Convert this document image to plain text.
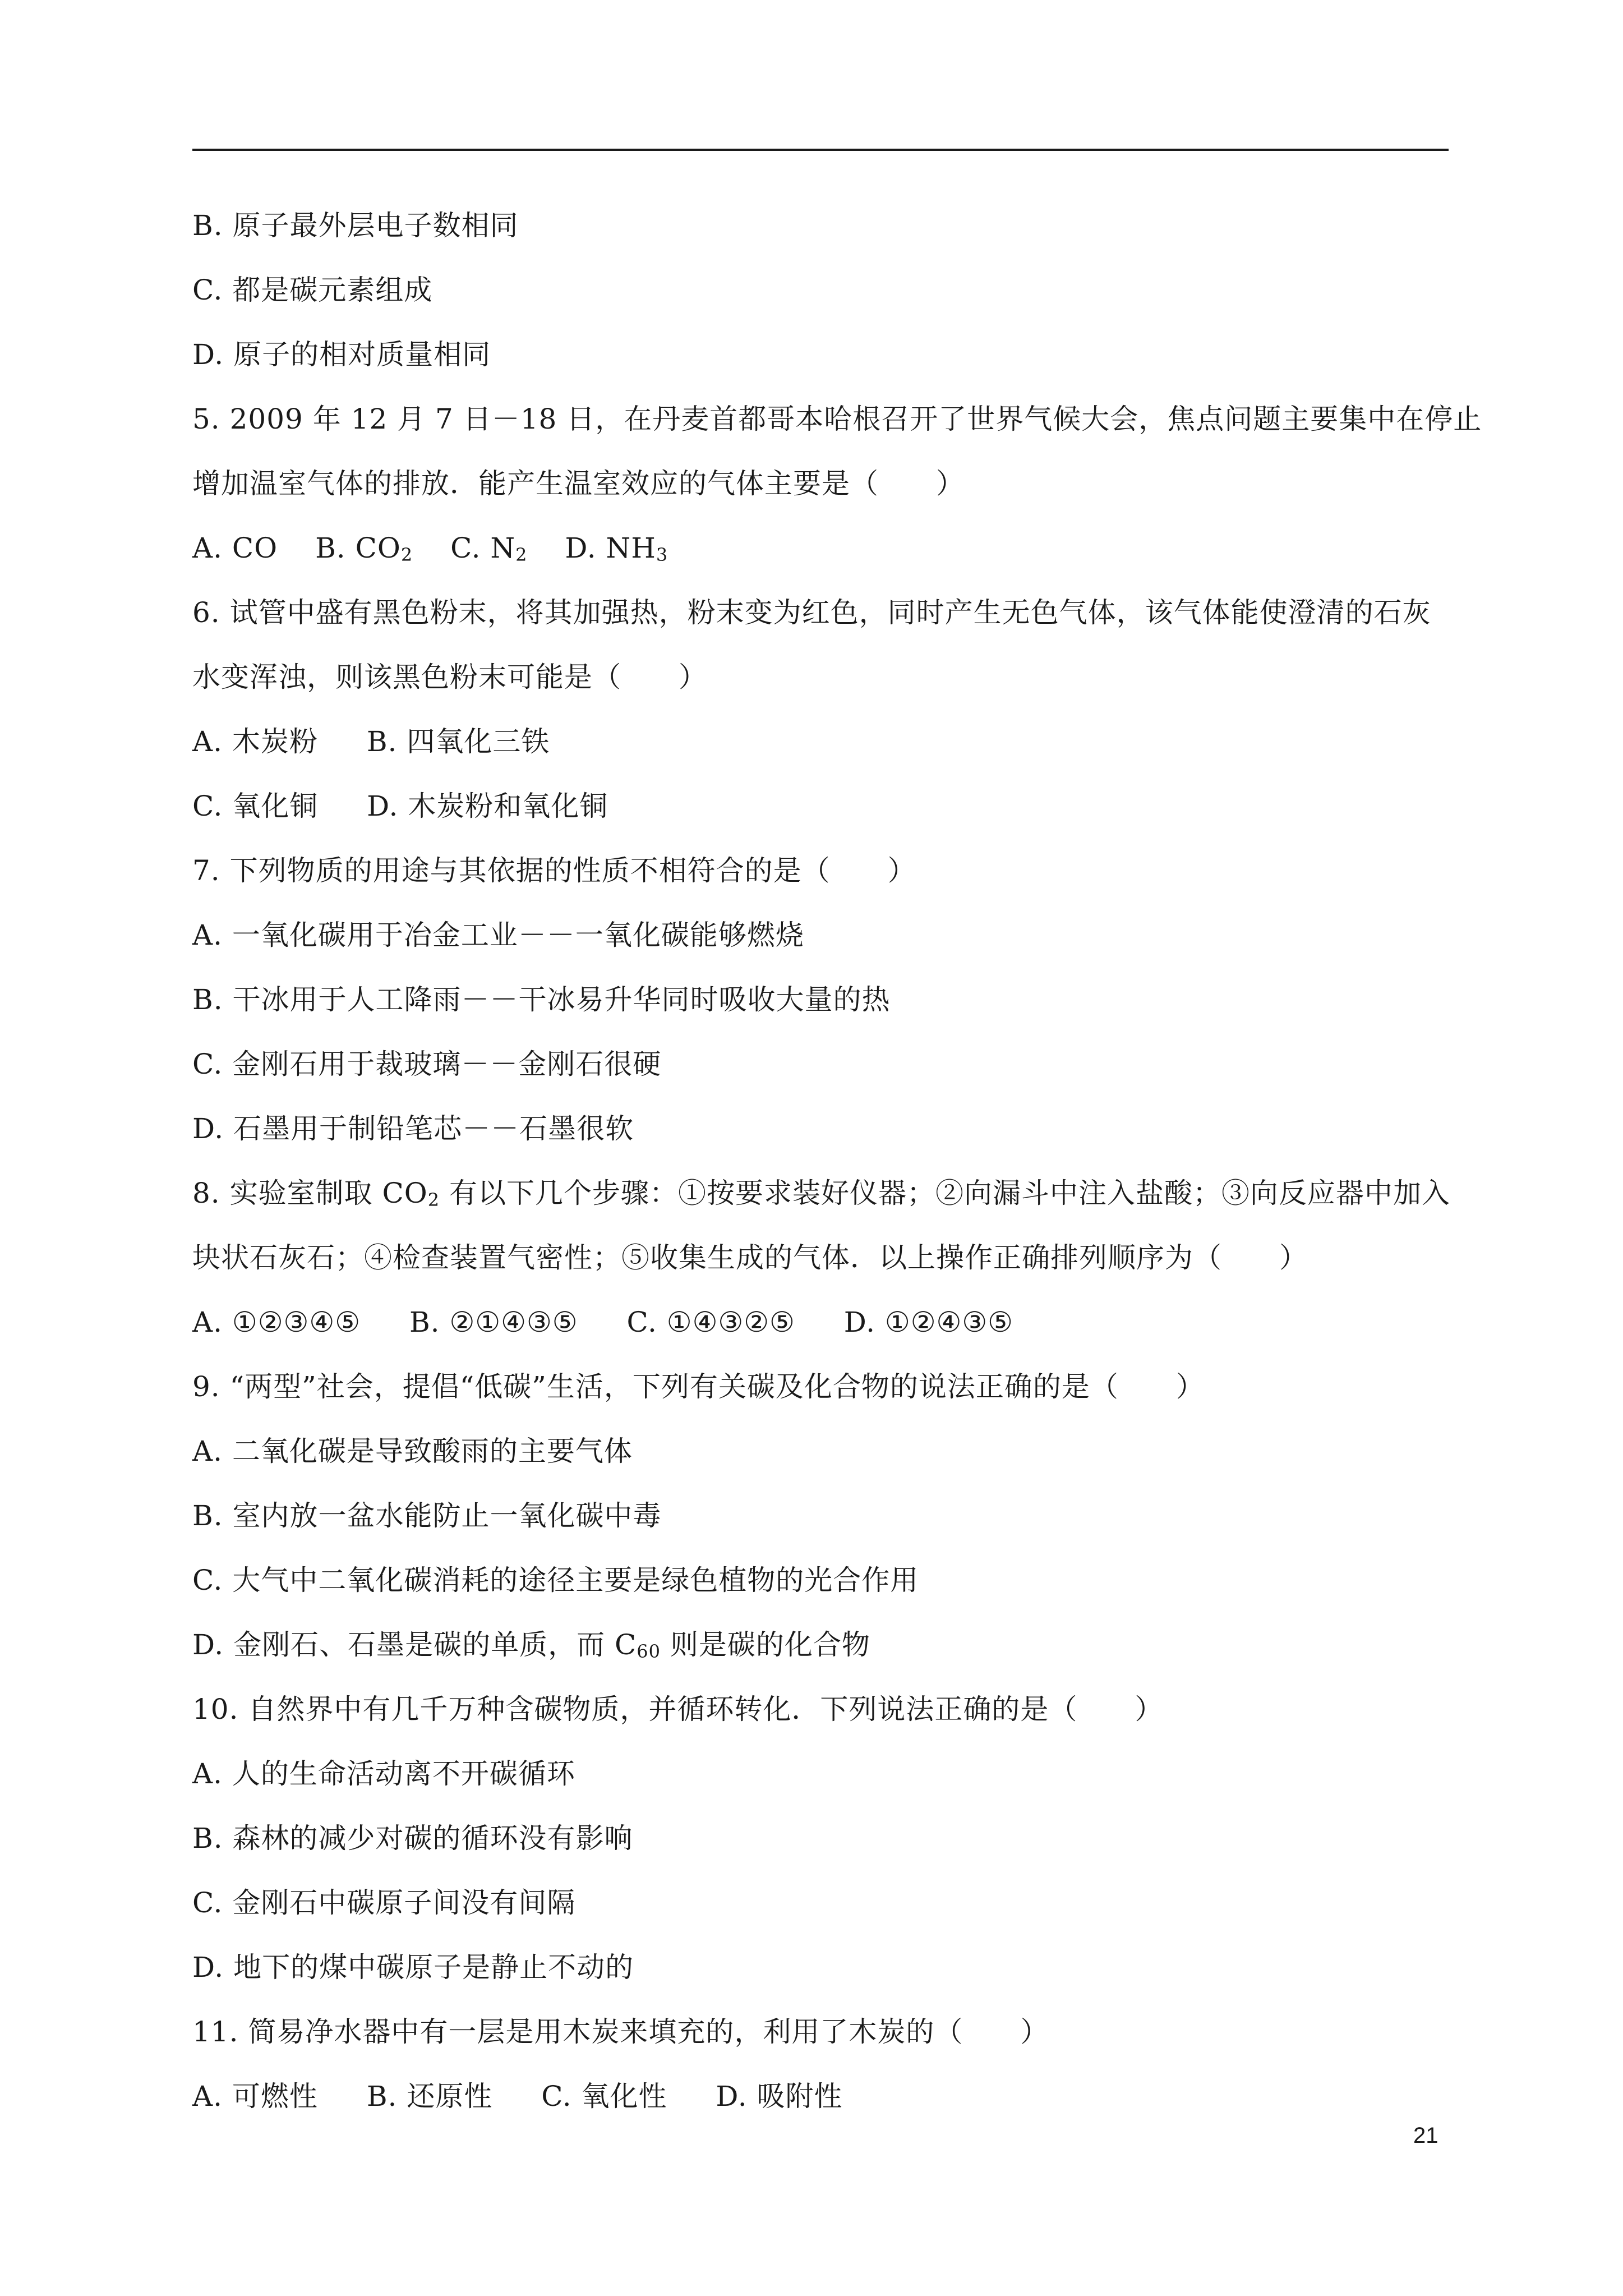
B. 原子最外层电子数相同
C. 都是碳元素组成
D. 原子的相对质量相同
5. 2009 年 12 月 7 日－18 日，在丹麦首都哥本哈根召开了世界气候大会，焦点问题主要集中在停止
增加温室气体的排放．能产生温室效应的气体主要是（　　）
A. CO B. $CO_2$ C. $N_2$ D. $NH_3$
6. 试管中盛有黑色粉末，将其加强热，粉末变为红色，同时产生无色气体，该气体能使澄清的石灰
水变浑浊，则该黑色粉末可能是（　　）
A. 木炭粉 B. 四氧化三铁
C. 氧化铜 D. 木炭粉和氧化铜
7. 下列物质的用途与其依据的性质不相符合的是（　　）
A. 一氧化碳用于冶金工业－－一氧化碳能够燃烧
B. 干冰用于人工降雨－－干冰易升华同时吸收大量的热
C. 金刚石用于裁玻璃－－金刚石很硬
D. 石墨用于制铅笔芯－－石墨很软
8. 实验室制取 $CO_2$ 有以下几个步骤：①按要求装好仪器；②向漏斗中注入盐酸；③向反应器中加入
块状石灰石；④检查装置气密性；⑤收集生成的气体．以上操作正确排列顺序为（　　）
A. ①②③④⑤ B. ②①④③⑤ C. ①④③②⑤ D. ①②④③⑤
9. “两型”社会，提倡“低碳”生活，下列有关碳及化合物的说法正确的是（　　）
A. 二氧化碳是导致酸雨的主要气体
B. 室内放一盆水能防止一氧化碳中毒
C. 大气中二氧化碳消耗的途径主要是绿色植物的光合作用
D. 金刚石、石墨是碳的单质，而 $C_{60}$ 则是碳的化合物
10. 自然界中有几千万种含碳物质，并循环转化．下列说法正确的是（　　）
A. 人的生命活动离不开碳循环
B. 森林的减少对碳的循环没有影响
C. 金刚石中碳原子间没有间隔
D. 地下的煤中碳原子是静止不动的
11. 简易净水器中有一层是用木炭来填充的，利用了木炭的（　　）
A. 可燃性 B. 还原性 C. 氧化性 D. 吸附性
21
